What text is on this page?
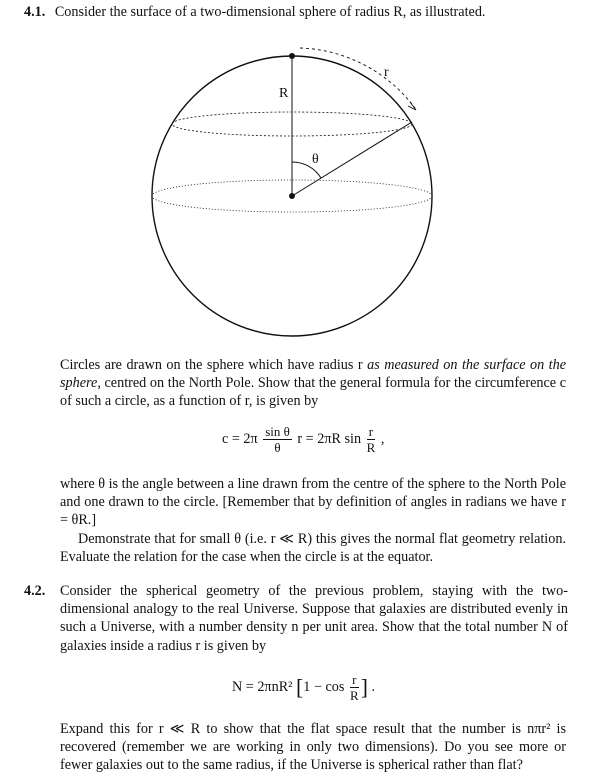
4.1. Consider the surface of a two-dimensional sphere of radius R, as illustrated.
R
r
θ
Circles are drawn on the sphere which have radius r as measured on the surface on the sphere, centred on the North Pole. Show that the general formula for the circumference c of such a circle, as a function of r, is given by
$c = 2\pi \frac{\text{sin θ}}{\theta}$ r = 2πR $\sin \frac{r}{R}$ ,
where θ is the angle between a line drawn from the centre of the sphere to the North Pole and one drawn to the circle. [Remember that by definition of angles in radians we have r = θR.]
Demonstrate that for small θ (i.e. r ≪ R) this gives the normal flat geometry relation. Evaluate the relation for the case when the circle is at the equator.
4.2. Consider the spherical geometry of the previous problem, staying with the two-dimensional analogy to the real Universe. Suppose that galaxies are distributed evenly in such a Universe, with a number density n per unit area. Show that the total number N of galaxies inside a radius r is given by
N = 2πnR² [$1 - \cos \frac{r}{R}$ ] .
Expand this for r ≪ R to show that the flat space result that the number is nπr² is recovered (remember we are working in only two dimensions). Do you see more or fewer galaxies out to the same radius, if the Universe is spherical rather than flat?
